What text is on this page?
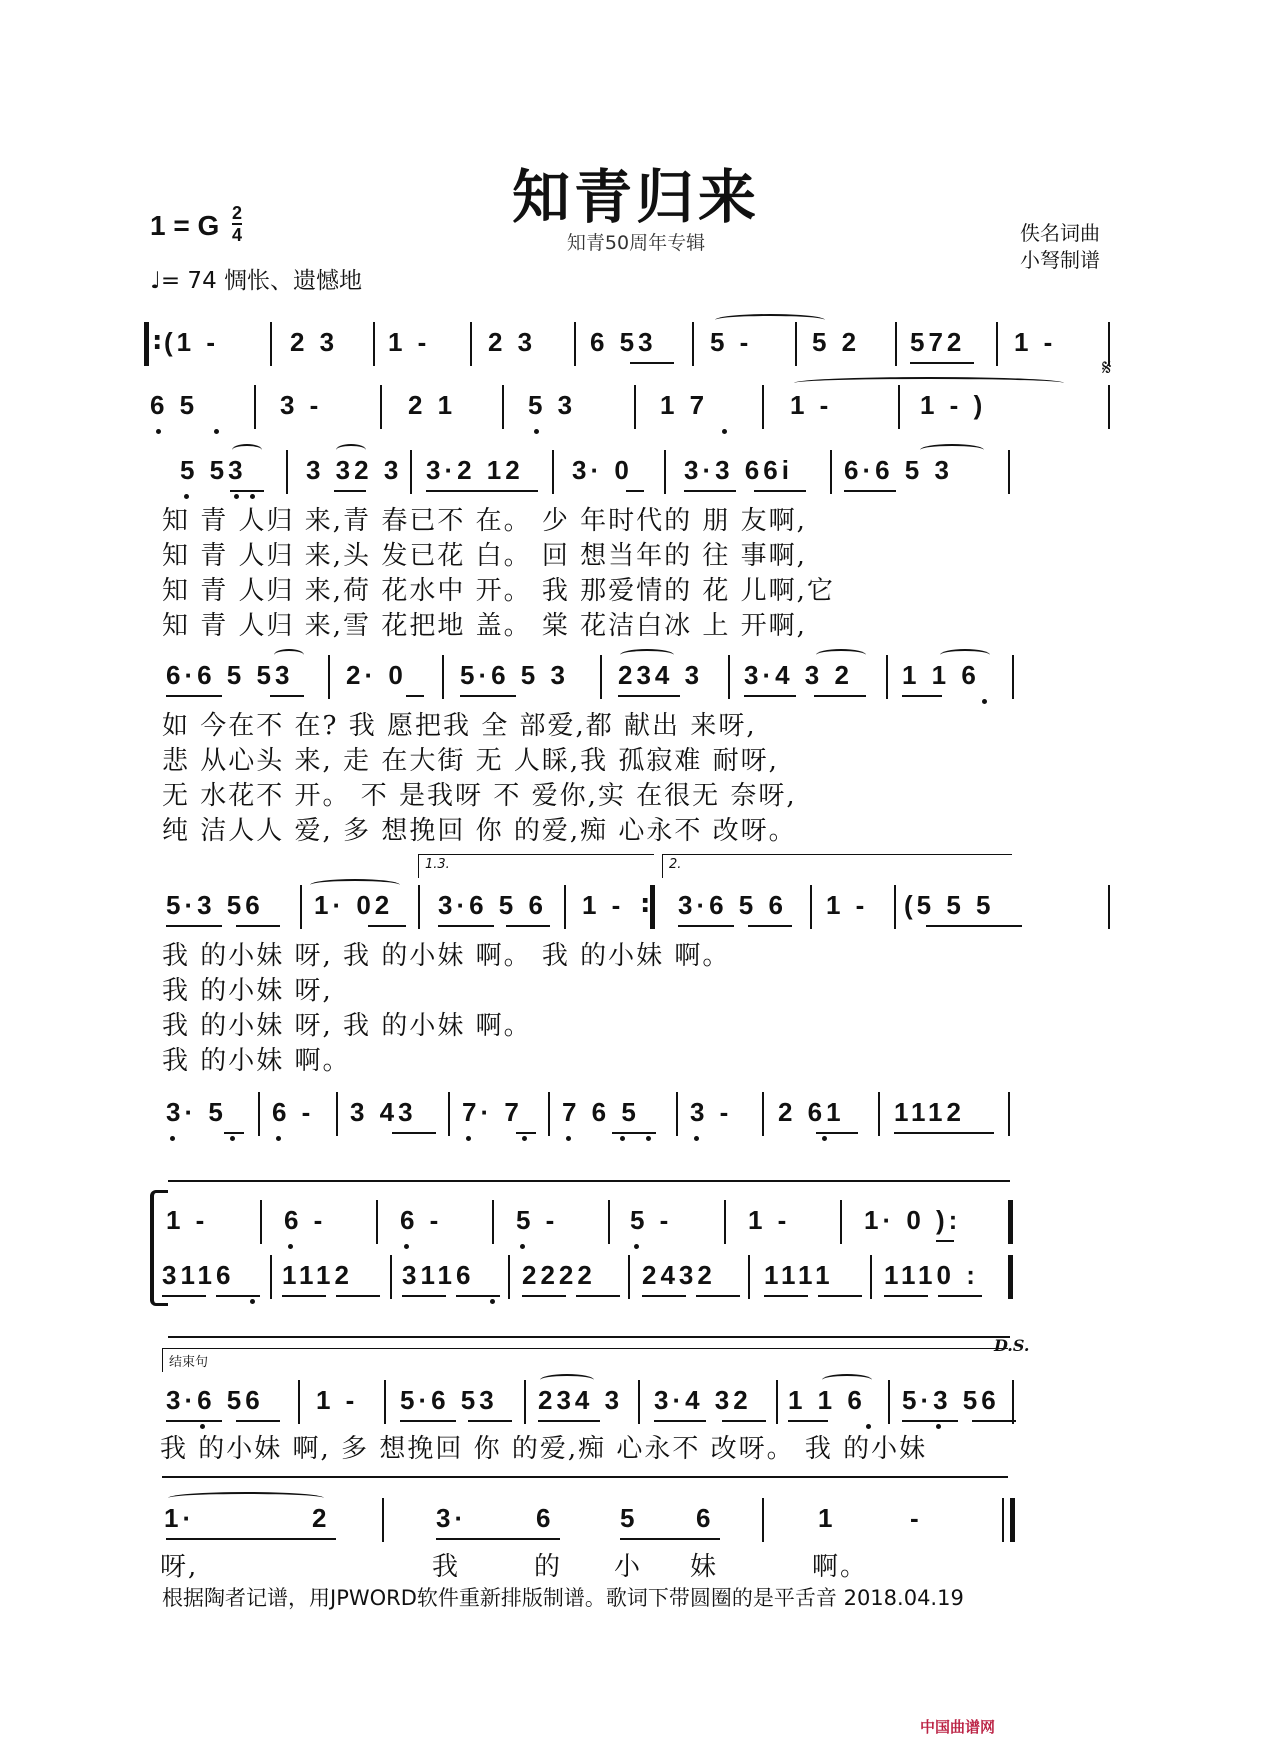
知青归来
知青50周年专辑
1 = G 2
4
♩= 74 惆怅、遗憾地
佚名词曲
小弩制谱
: (1 -	2 3 1 - 2 3 6 53 5 - 5 2 572 1 -
𝄋
6 5	3 -	2 1	5 3	1 7	1 -	1 - )
5 53 3 32 3 3·2 12 3· 0 3·3 66i 6·6 5 3
知 青 人归 来,青 春已不 在。 少 年时代的 朋 友啊,
知 青 人归 来,头 发已花 白。 回 想当年的 往 事啊,
知 青 人归 来,荷 花水中 开。 我 那爱情的 花 儿啊,它
知 青 人归 来,雪 花把地 盖。 棠 花洁白冰 上 开啊,
6·6 5 53 2· 0 5·6 5 3 234 3 3·4 3 2 1 1 6
如 今在不 在? 我 愿把我 全 部爱,都 献出 来呀,
悲 从心头 来, 走 在大街 无 人睬,我 孤寂难 耐呀,
无 水花不 开。 不 是我呀 不 爱你,实 在很无 奈呀,
纯 洁人人 爱, 多 想挽回 你 的爱,痴 心永不 改呀。
1.3.	2.
5·3 56 1· 02 3·6 5 6 1 - : 3·6 5 6 1 - (5 5 5
我 的小妹 呀, 我 的小妹 啊。 我 的小妹 啊。
我 的小妹 呀,
我 的小妹 呀, 我 的小妹 啊。
我 的小妹 啊。
3· 5 6 - 3 43 7· 7 7 6 5 3 - 2 61 1112
1 -	6 -	6 -	5 -	5 -	1 -	1· 0 ):
3116 1112 3116 2222 2432 1111 1110 :
D.S.
结束句
3·6 56 1 - 5·6 53 234 3 3·4 32 1 1 6 5·3 56
我 的小妹 啊, 多 想挽回 你 的爱,痴 心永不 改呀。 我 的小妹
1·	2	3·	6	5 6	1	-
呀,	我	的 小 妹	啊。
根据陶者记谱，用JPWORD软件重新排版制谱。歌词下带圆圈的是平舌音 2018.04.19
中国曲谱网
